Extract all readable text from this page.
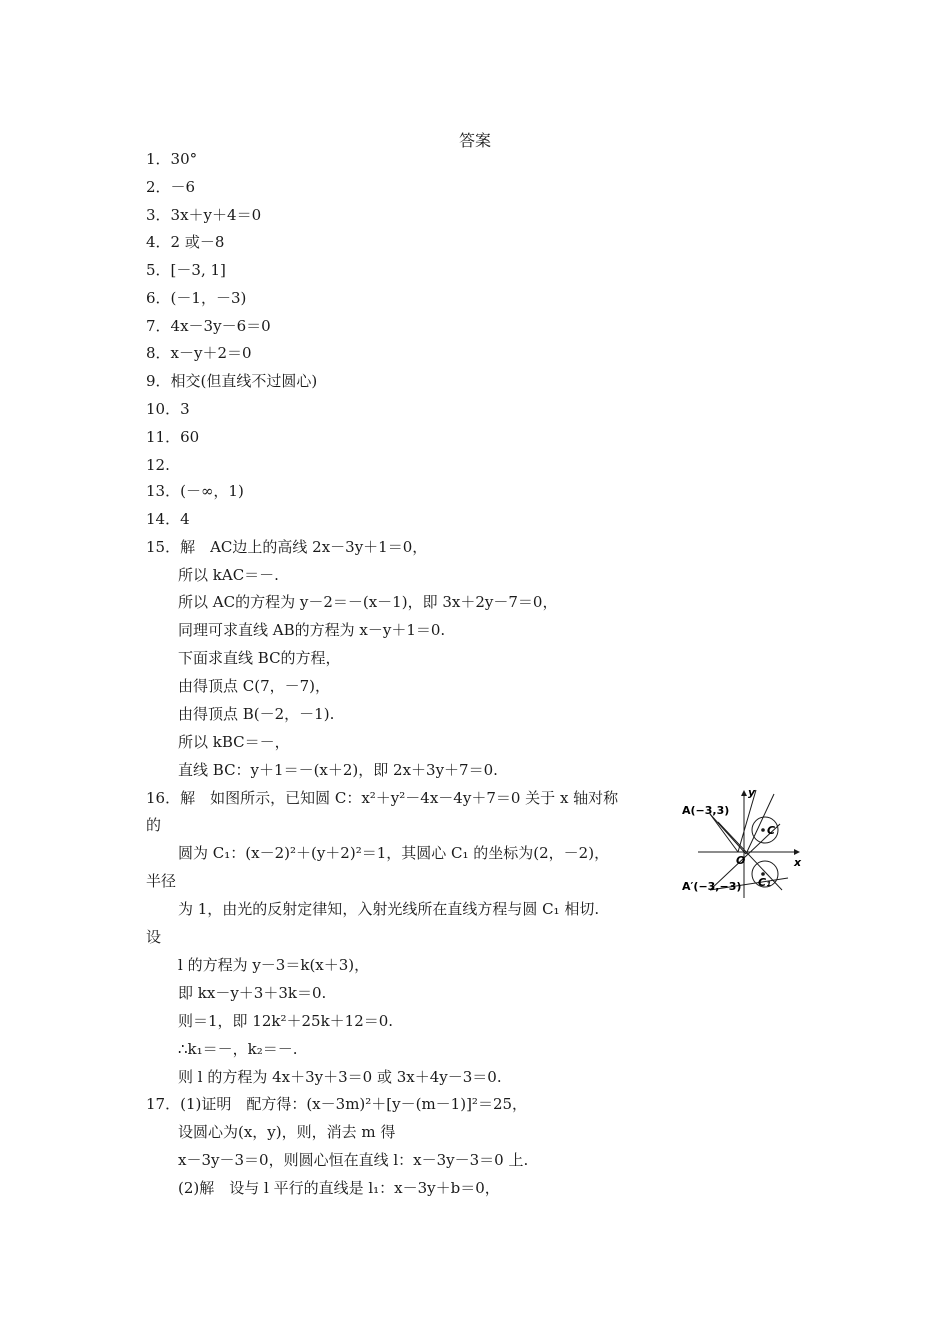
答案
1．30°
2．－6
3．3x＋y＋4＝0
4．2 或－8
5．[－3, 1]
6．(－1，－3)
7．4x－3y－6＝0
8．x－y＋2＝0
9．相交(但直线不过圆心)
10．3
11．60
12.
13．(－∞，1)
14．4
15．解　AC边上的高线 2x－3y＋1＝0，
所以 kAC＝－.
所以 AC的方程为 y－2＝－(x－1)，即 3x＋2y－7＝0，
同理可求直线 AB的方程为 x－y＋1＝0.
下面求直线 BC的方程，
由得顶点 C(7，－7)，
由得顶点 B(－2，－1).
所以 kBC＝－，
直线 BC：y＋1＝－(x＋2)，即 2x＋3y＋7＝0.
16．解　如图所示，已知圆 C：x²＋y²－4x－4y＋7＝0 关于 x 轴对称
的
圆为 C₁：(x－2)²＋(y＋2)²＝1，其圆心 C₁ 的坐标为(2，－2)，
半径
为 1，由光的反射定律知，入射光线所在直线方程与圆 C₁ 相切.
设
l 的方程为 y－3＝k(x＋3)，
即 kx－y＋3＋3k＝0.
则＝1，即 12k²＋25k＋12＝0.
∴k₁＝－，k₂＝－.
则 l 的方程为 4x＋3y＋3＝0 或 3x＋4y－3＝0.
17．(1)证明　配方得：(x－3m)²＋[y－(m－1)]²＝25，
设圆心为(x，y)，则，消去 m 得
x－3y－3＝0，则圆心恒在直线 l：x－3y－3＝0 上.
(2)解　设与 l 平行的直线是 l₁：x－3y＋b＝0，
A(−3,3)
A′(−3,−3)
C
C₁
O	x
y
